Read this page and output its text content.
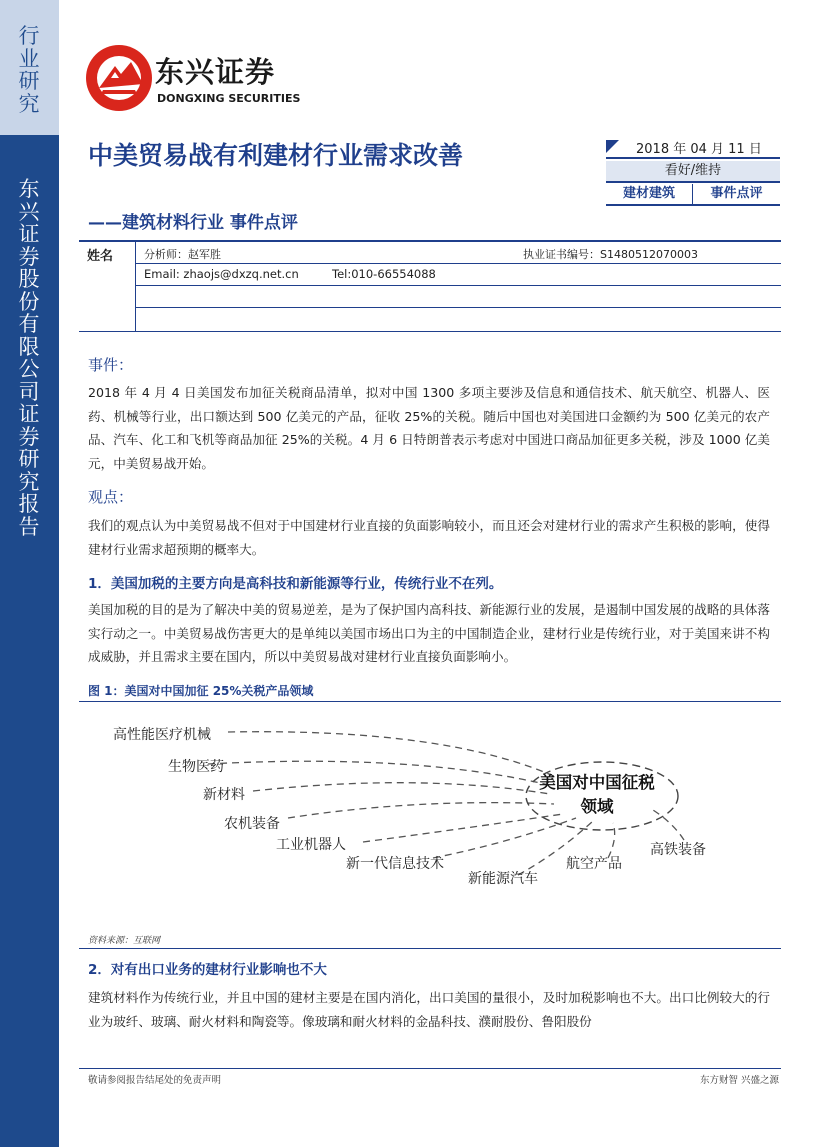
行业研究
东兴证券股份有限公司证券研究报告
东兴证券
DONGXING SECURITIES
中美贸易战有利建材行业需求改善
——建筑材料行业 事件点评
2018 年 04 月 11 日
看好/维持
建材建筑	事件点评
姓名	分析师：赵军胜	执业证书编号：S1480512070003
Email: zhaojs@dxzq.net.cn	Tel:010-66554088
事件：
2018 年 4 月 4 日美国发布加征关税商品清单，拟对中国 1300 多项主要涉及信息和通信技术、航天航空、机器人、医药、机械等行业，出口额达到 500 亿美元的产品，征收 25%的关税。随后中国也对美国进口金额约为 500 亿美元的农产品、汽车、化工和飞机等商品加征 25%的关税。4 月 6 日特朗普表示考虑对中国进口商品加征更多关税，涉及 1000 亿美元，中美贸易战开始。
观点：
我们的观点认为中美贸易战不但对于中国建材行业直接的负面影响较小，而且还会对建材行业的需求产生积极的影响，使得建材行业需求超预期的概率大。
1．美国加税的主要方向是高科技和新能源等行业，传统行业不在列。
美国加税的目的是为了解决中美的贸易逆差，是为了保护国内高科技、新能源行业的发展，是遏制中国发展的战略的具体落实行动之一。中美贸易战伤害更大的是单纯以美国市场出口为主的中国制造企业，建材行业是传统行业，对于美国来讲不构成威胁，并且需求主要在国内，所以中美贸易战对建材行业直接负面影响小。
图 1：美国对中国加征 25%关税产品领域
高性能医疗机械
生物医药
新材料
农机装备
工业机器人
新一代信息技术
新能源汽车
航空产品
高铁装备
美国对中国征税领域
资料来源：互联网
2．对有出口业务的建材行业影响也不大
建筑材料作为传统行业，并且中国的建材主要是在国内消化，出口美国的量很小，及时加税影响也不大。出口比例较大的行业为玻纤、玻璃、耐火材料和陶瓷等。像玻璃和耐火材料的金晶科技、濮耐股份、鲁阳股份
敬请参阅报告结尾处的免责声明	东方财智 兴盛之源
